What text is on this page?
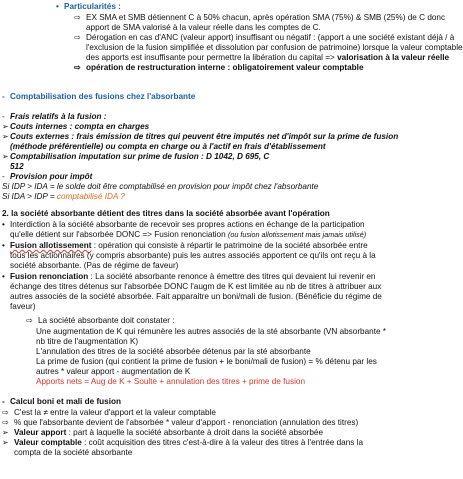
• Particularités :
⇨ EX SMA et SMB détiennent C à 50% chacun, après opération SMA (75%) & SMB (25%) de C donc
apport de SMA valorisé à la valeur réelle dans les comptes de C.
⇨ Dérogation en cas d'ANC (valeur apport) insuffisant ou négatif : (apport a une société existant déjà / à
l'exclusion de la fusion simplifiée et dissolution par confusion de patrimoine) lorsque la valeur comptable
des apports est insuffisante pour permettre la libération du capital => valorisation à la valeur réelle
⇨ opération de restructuration interne : obligatoirement valeur comptable
- Comptabilisation des fusions chez l'absorbante
- Frais relatifs à la fusion :
➢Couts internes : compta en charges
➢Couts externes : frais émission de titres qui peuvent être imputés net d'impôt sur la prime de fusion
(méthode préférentielle) ou compta en charge ou à l'actif en frais d'établissement
➢Comptabilisation imputation sur prime de fusion : D 1042, D 695, C
512
- Provision pour impôt
Si IDP > IDA = le solde doit être comptabilisé en provision pour impôt chez l'absorbante
Si IDA > IDP = comptabilisé IDA ?
2. la société absorbante détient des titres dans la société absorbée avant l'opération
• Interdiction à la société absorbante de recevoir ses propres actions en échange de la participation
qu'elle détient sur l'absorbée DONC => Fusion renonciation (ou fusion allotissement mais jamais utilisé)
• Fusion allotissement : opération qui consiste à répartir le patrimoine de la société absorbée entre
tous les actionnaires (y compris absorbante) puis les autres associés apportent ce qu'ils ont reçu à la
société absorbante. (Pas de régime de faveur)
• Fusion renonciation : La société absorbante renonce à émettre des titres qui devaient lui revenir en
échange des titres détenus sur l'absorbée DONC l'augm de K est limitée au nb de titres à attribuer aux
autres associés de la société absorbée. Fait apparaitre un boni/mali de fusion. (Bénéficie du régime de
faveur)
⇨ La société absorbante doit constater :
Une augmentation de K qui rémunère les autres associés de la sté absorbante (VN absorbante *
nb titre de l'augmentation K)
L'annulation des titres de la société absorbée détenus par la sté absorbante
La prime de fusion (qui contient la prime de fusion + le boni/mali de fusion) = % détenu par les
autres * valeur apport - augmentation de K
Apports nets = Aug de K + Soulte + annulation des titres + prime de fusion
- Calcul boni et mali de fusion
⇨ C'est la ≠ entre la valeur d'apport et la valeur comptable
⇨ % que l'absorbante devient de l'absorbée * valeur d'apport - renonciation (annulation des titres)
➢ Valeur apport : part à laquelle la société absorbante à droit dans la société absorbée
➢ Valeur comptable : coût acquisition des titres c'est-à-dire à la valeur des titres à l'entrée dans la
compta de la société absorbante
